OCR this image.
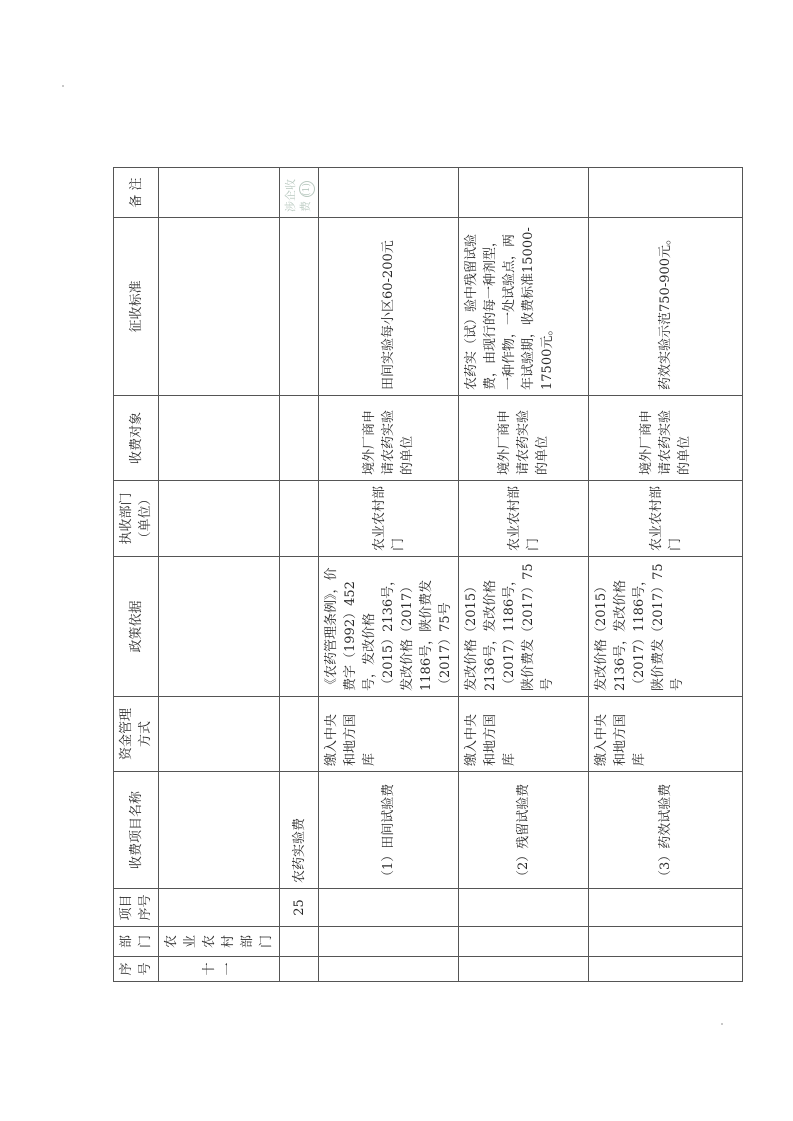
序号	部门	项目序号	收费项目名称	资金管理方式	政策依据	执收部门（单位）	收费对象	征收标准	备 注
十一	农业农村部门								
		25	农药实验费						涉企收费 (1)
			（1）田间试验费	缴入中央和地方国库	《农药管理条例》，价费字（1992）452号，发改价格（2015）2136号，发改价格（2017）1186号，陕价费发（2017）75号	农业农村部门	境外厂商申请农药实验的单位	田间实验每小区60-200元	
			（2）残留试验费	缴入中央和地方国库	发改价格（2015）2136号，发改价格（2017）1186号，陕价费发（2017）75号	农业农村部门	境外厂商申请农药实验的单位	农药实（试）验中残留试验费，由现行的每一种剂型，一种作物，一处试验点，两年试验期，收费标准15000-17500元。	
			（3）药效试验费	缴入中央和地方国库	发改价格（2015）2136号，发改价格（2017）1186号，陕价费发（2017）75号	农业农村部门	境外厂商申请农药实验的单位	药效实验示范750-900元。	
